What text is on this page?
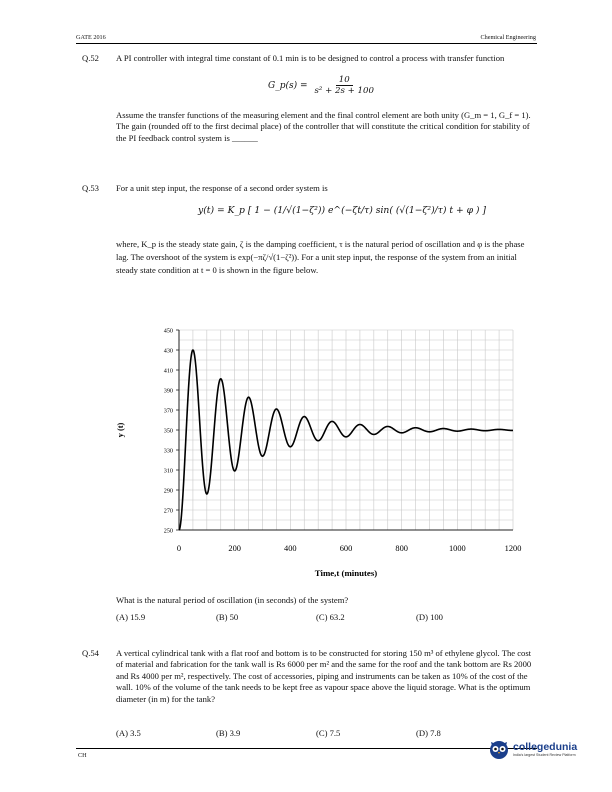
GATE 2016	Chemical Engineering
Q.52 A PI controller with integral time constant of 0.1 min is to be designed to control a process with transfer function
G_p(s) = $\frac{10}{\text{s² + 2s + 100}}$
Assume the transfer functions of the measuring element and the final control element are both unity (G_m = 1, G_f = 1). The gain (rounded off to the first decimal place) of the controller that will constitute the critical condition for stability of the PI feedback control system is ______
Q.53 For a unit step input, the response of a second order system is
y(t) = K_p [ 1 − (1/√(1−ζ²)) e^(−ζt/τ) sin( (√(1−ζ²)/τ) t + φ ) ]
where, K_p is the steady state gain, ζ is the damping coefficient, τ is the natural period of oscillation and φ is the phase lag. The overshoot of the system is exp(−πζ/√(1−ζ²)). For a unit step input, the response of the system from an initial steady state condition at t = 0 is shown in the figure below.
250
270
290
310
330
350
370
390
410
430
450
0	200	400	600	800	1000	1200
Time,t (minutes)
y (t)
What is the natural period of oscillation (in seconds) of the system?
(A) 15.9	(B) 50	(C) 63.2	(D) 100
Q.54 A vertical cylindrical tank with a flat roof and bottom is to be constructed for storing 150 m³ of ethylene glycol. The cost of material and fabrication for the tank wall is Rs 6000 per m² and the same for the roof and the tank bottom are Rs 2000 and Rs 4000 per m², respectively. The cost of accessories, piping and instruments can be taken as 10% of the cost of the wall. 10% of the volume of the tank needs to be kept free as vapour space above the liquid storage. What is the optimum diameter (in m) for the tank?
(A) 3.5	(B) 3.9	(C) 7.5	(D) 7.8
CH
collegedunia
India's largest Student Review Platform
